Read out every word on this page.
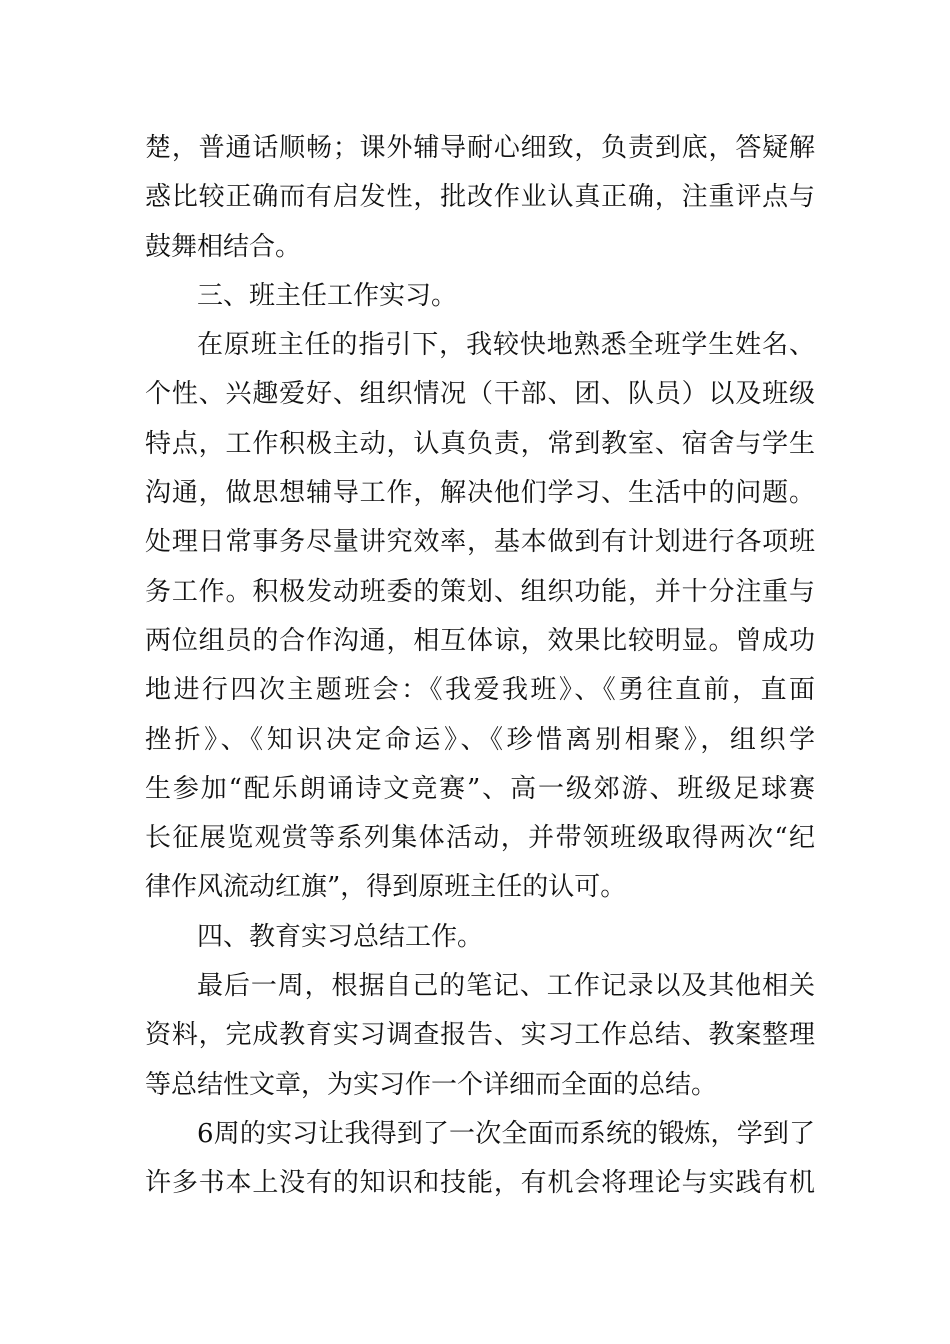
楚，普通话顺畅；课外辅导耐心细致，负责到底，答疑解
惑比较正确而有启发性，批改作业认真正确，注重评点与
鼓舞相结合。
三、班主任工作实习。
在原班主任的指引下，我较快地熟悉全班学生姓名、
个性、兴趣爱好、组织情况（干部、团、队员）以及班级
特点，工作积极主动，认真负责，常到教室、宿舍与学生
沟通，做思想辅导工作，解决他们学习、生活中的问题。
处理日常事务尽量讲究效率，基本做到有计划进行各项班
务工作。积极发动班委的策划、组织功能，并十分注重与
两位组员的合作沟通，相互体谅，效果比较明显。曾成功
地进行四次主题班会：《我爱我班》、《勇往直前，直面
挫折》、《知识决定命运》、《珍惜离别相聚》，组织学
生参加“配乐朗诵诗文竞赛”、高一级郊游、班级足球赛
长征展览观赏等系列集体活动，并带领班级取得两次“纪
律作风流动红旗”，得到原班主任的认可。
四、教育实习总结工作。
最后一周，根据自己的笔记、工作记录以及其他相关
资料，完成教育实习调查报告、实习工作总结、教案整理
等总结性文章，为实习作一个详细而全面的总结。
6周的实习让我得到了一次全面而系统的锻炼，学到了
许多书本上没有的知识和技能，有机会将理论与实践有机
